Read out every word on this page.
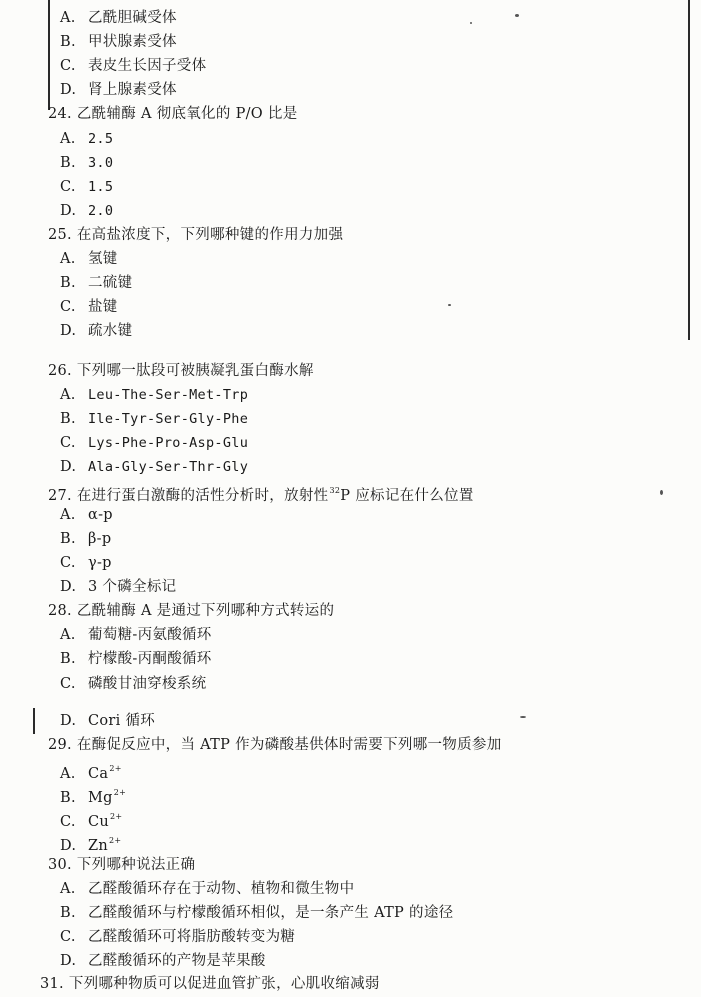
A. 乙酰胆碱受体
B. 甲状腺素受体
C. 表皮生长因子受体
D. 肾上腺素受体
24. 乙酰辅酶 A 彻底氧化的 P/O 比是
A. 2.5
B. 3.0
C. 1.5
D. 2.0
25. 在高盐浓度下，下列哪种键的作用力加强
A. 氢键
B. 二硫键
C. 盐键
D. 疏水键
26. 下列哪一肽段可被胰凝乳蛋白酶水解
A. Leu-The-Ser-Met-Trp
B. Ile-Tyr-Ser-Gly-Phe
C. Lys-Phe-Pro-Asp-Glu
D. Ala-Gly-Ser-Thr-Gly
27. 在进行蛋白激酶的活性分析时，放射性$^{32}$P 应标记在什么位置
A. α-p
B. β-p
C. γ-p
D. 3 个磷全标记
28. 乙酰辅酶 A 是通过下列哪种方式转运的
A. 葡萄糖-丙氨酸循环
B. 柠檬酸-丙酮酸循环
C. 磷酸甘油穿梭系统
D. Cori 循环
29. 在酶促反应中，当 ATP 作为磷酸基供体时需要下列哪一物质参加
A. $Ca^{2+}$
B. $Mg^{2+}$
C. $Cu^{2+}$
D. $Zn^{2+}$
30. 下列哪种说法正确
A. 乙醛酸循环存在于动物、植物和微生物中
B. 乙醛酸循环与柠檬酸循环相似，是一条产生 ATP 的途径
C. 乙醛酸循环可将脂肪酸转变为糖
D. 乙醛酸循环的产物是苹果酸
31. 下列哪种物质可以促进血管扩张，心肌收缩减弱
